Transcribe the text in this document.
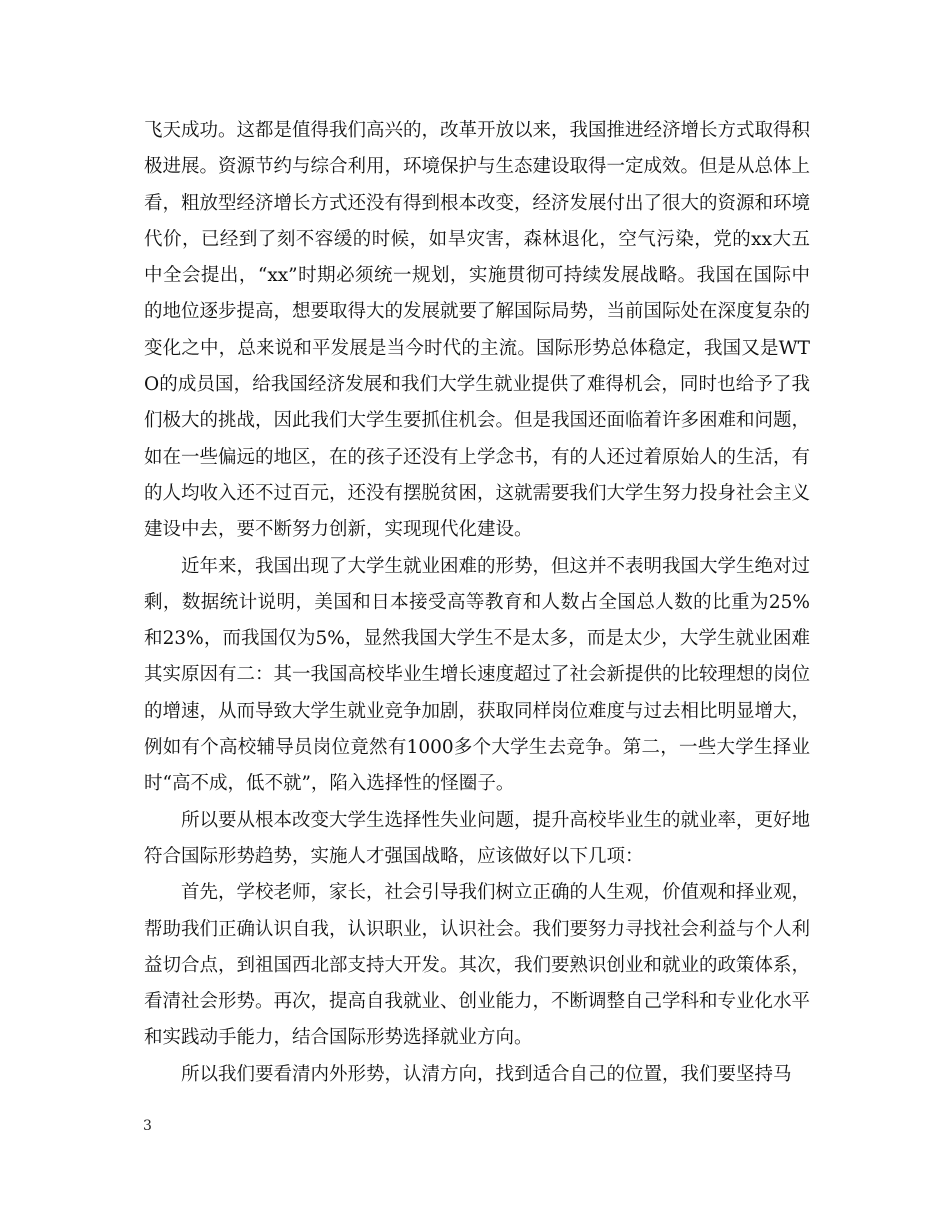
飞天成功。这都是值得我们高兴的，改革开放以来，我国推进经济增长方式取得积极进展。资源节约与综合利用，环境保护与生态建设取得一定成效。但是从总体上看，粗放型经济增长方式还没有得到根本改变，经济发展付出了很大的资源和环境代价，已经到了刻不容缓的时候，如旱灾害，森林退化，空气污染，党的xx大五中全会提出，“xx”时期必须统一规划，实施贯彻可持续发展战略。我国在国际中的地位逐步提高，想要取得大的发展就要了解国际局势，当前国际处在深度复杂的变化之中，总来说和平发展是当今时代的主流。国际形势总体稳定，我国又是WTO的成员国，给我国经济发展和我们大学生就业提供了难得机会，同时也给予了我们极大的挑战，因此我们大学生要抓住机会。但是我国还面临着许多困难和问题，如在一些偏远的地区，在的孩子还没有上学念书，有的人还过着原始人的生活，有的人均收入还不过百元，还没有摆脱贫困，这就需要我们大学生努力投身社会主义建设中去，要不断努力创新，实现现代化建设。

近年来，我国出现了大学生就业困难的形势，但这并不表明我国大学生绝对过剩，数据统计说明，美国和日本接受高等教育和人数占全国总人数的比重为25%和23%，而我国仅为5%，显然我国大学生不是太多，而是太少，大学生就业困难其实原因有二：其一我国高校毕业生增长速度超过了社会新提供的比较理想的岗位的增速，从而导致大学生就业竞争加剧，获取同样岗位难度与过去相比明显增大，例如有个高校辅导员岗位竟然有1000多个大学生去竞争。第二，一些大学生择业时“高不成，低不就”，陷入选择性的怪圈子。

所以要从根本改变大学生选择性失业问题，提升高校毕业生的就业率，更好地符合国际形势趋势，实施人才强国战略，应该做好以下几项：

首先，学校老师，家长，社会引导我们树立正确的人生观，价值观和择业观，帮助我们正确认识自我，认识职业，认识社会。我们要努力寻找社会利益与个人利益切合点，到祖国西北部支持大开发。其次，我们要熟识创业和就业的政策体系，看清社会形势。再次，提高自我就业、创业能力，不断调整自己学科和专业化水平和实践动手能力，结合国际形势选择就业方向。

所以我们要看清内外形势，认清方向，找到适合自己的位置，我们要坚持马

3
